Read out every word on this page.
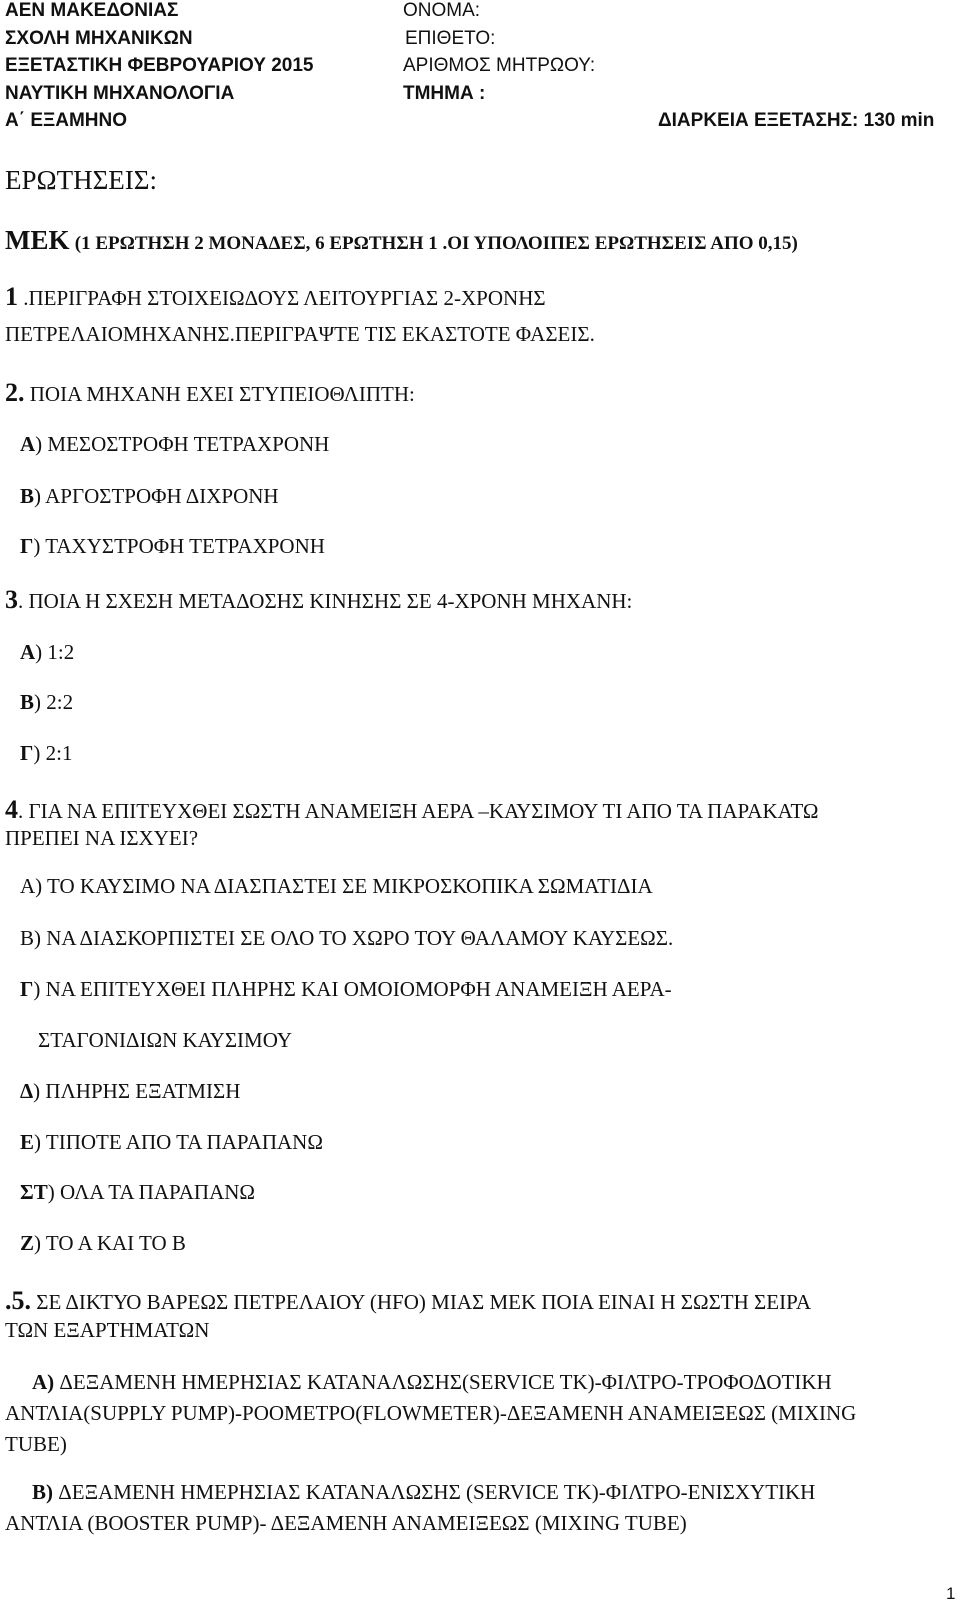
ΑΕΝ ΜΑΚΕΔΟΝΙΑΣ
ΣΧΟΛΗ ΜΗΧΑΝΙΚΩΝ
ΕΞΕΤΑΣΤΙΚΗ ΦΕΒΡΟΥΑΡΙΟΥ 2015
ΝΑΥΤΙΚΗ ΜΗΧΑΝΟΛΟΓΙΑ
Α΄ ΕΞΑΜΗΝΟ
ΟΝΟΜΑ:
ΕΠΙΘΕΤΟ:
ΑΡΙΘΜΟΣ ΜΗΤΡΩΟΥ:
ΤΜΗΜΑ :
ΔΙΑΡΚΕΙΑ ΕΞΕΤΑΣΗΣ: 130 min
ΕΡΩΤΗΣΕΙΣ:
ΜΕΚ (1 ΕΡΩΤΗΣΗ 2 ΜΟΝΑΔΕΣ, 6 ΕΡΩΤΗΣΗ 1 .ΟΙ ΥΠΟΛΟΙΠΕΣ ΕΡΩΤΗΣΕΙΣ ΑΠΟ 0,15)
1 .ΠΕΡΙΓΡΑΦΗ ΣΤΟΙΧΕΙΩΔΟΥΣ ΛΕΙΤΟΥΡΓΙΑΣ 2-ΧΡΟΝΗΣ
ΠΕΤΡΕΛΑΙΟΜΗΧΑΝΗΣ.ΠΕΡΙΓΡΑΨΤΕ ΤΙΣ ΕΚΑΣΤΟΤΕ ΦΑΣΕΙΣ.
2. ΠΟΙΑ ΜΗΧΑΝΗ ΕΧΕΙ ΣΤΥΠΕΙΟΘΛΙΠΤΗ:
Α) ΜΕΣΟΣΤΡΟΦΗ ΤΕΤΡΑΧΡΟΝΗ
Β) ΑΡΓΟΣΤΡΟΦΗ ΔΙΧΡΟΝΗ
Γ) ΤΑΧΥΣΤΡΟΦΗ ΤΕΤΡΑΧΡΟΝΗ
3. ΠΟΙΑ Η ΣΧΕΣΗ ΜΕΤΑΔΟΣΗΣ ΚΙΝΗΣΗΣ ΣΕ 4-ΧΡΟΝΗ ΜΗΧΑΝΗ:
Α) 1:2
Β) 2:2
Γ) 2:1
4. ΓΙΑ ΝΑ ΕΠΙΤΕΥΧΘΕΙ ΣΩΣΤΗ ΑΝΑΜΕΙΞΗ ΑΕΡΑ –ΚΑΥΣΙΜΟΥ ΤΙ ΑΠΟ ΤΑ ΠΑΡΑΚΑΤΩ
ΠΡΕΠΕΙ ΝΑ ΙΣΧΥΕΙ?
Α) ΤΟ ΚΑΥΣΙΜΟ ΝΑ ΔΙΑΣΠΑΣΤΕΙ ΣΕ ΜΙΚΡΟΣΚΟΠΙΚΑ ΣΩΜΑΤΙΔΙΑ
Β) ΝΑ ΔΙΑΣΚΟΡΠΙΣΤΕΙ ΣΕ ΟΛΟ ΤΟ ΧΩΡΟ ΤΟΥ ΘΑΛΑΜΟΥ ΚΑΥΣΕΩΣ.
Γ) ΝΑ ΕΠΙΤΕΥΧΘΕΙ ΠΛΗΡΗΣ ΚΑΙ ΟΜΟΙΟΜΟΡΦΗ ΑΝΑΜΕΙΞΗ ΑΕΡΑ-
ΣΤΑΓΟΝΙΔΙΩΝ ΚΑΥΣΙΜΟΥ
Δ) ΠΛΗΡΗΣ ΕΞΑΤΜΙΣΗ
Ε) ΤΙΠΟΤΕ ΑΠΟ ΤΑ ΠΑΡΑΠΑΝΩ
ΣΤ) ΟΛΑ ΤΑ ΠΑΡΑΠΑΝΩ
Ζ) ΤΟ Α ΚΑΙ ΤΟ Β
.5. ΣΕ ΔΙΚΤΥΟ ΒΑΡΕΩΣ ΠΕΤΡΕΛΑΙΟΥ (HFO) ΜΙΑΣ ΜΕΚ ΠΟΙΑ ΕΙΝΑΙ Η ΣΩΣΤΗ ΣΕΙΡΑ
ΤΩΝ ΕΞΑΡΤΗΜΑΤΩΝ
Α) ΔΕΞΑΜΕΝΗ ΗΜΕΡΗΣΙΑΣ ΚΑΤΑΝΑΛΩΣΗΣ(SERVICE TK)-ΦΙΛΤΡΟ-ΤΡΟΦΟΔΟΤΙΚΗ
ΑΝΤΛΙΑ(SUPPLY PUMP)-ΡΟΟΜΕΤΡΟ(FLOWMETER)-ΔΕΞΑΜΕΝΗ ΑΝΑΜΕΙΞΕΩΣ (MIXING
TUBE)
Β) ΔΕΞΑΜΕΝΗ ΗΜΕΡΗΣΙΑΣ ΚΑΤΑΝΑΛΩΣΗΣ (SERVICE TK)-ΦΙΛΤΡΟ-ΕΝΙΣΧΥΤΙΚΗ
ΑΝΤΛΙΑ (BOOSTER PUMP)- ΔΕΞΑΜΕΝΗ ΑΝΑΜΕΙΞΕΩΣ (MIXING TUBE)
1
